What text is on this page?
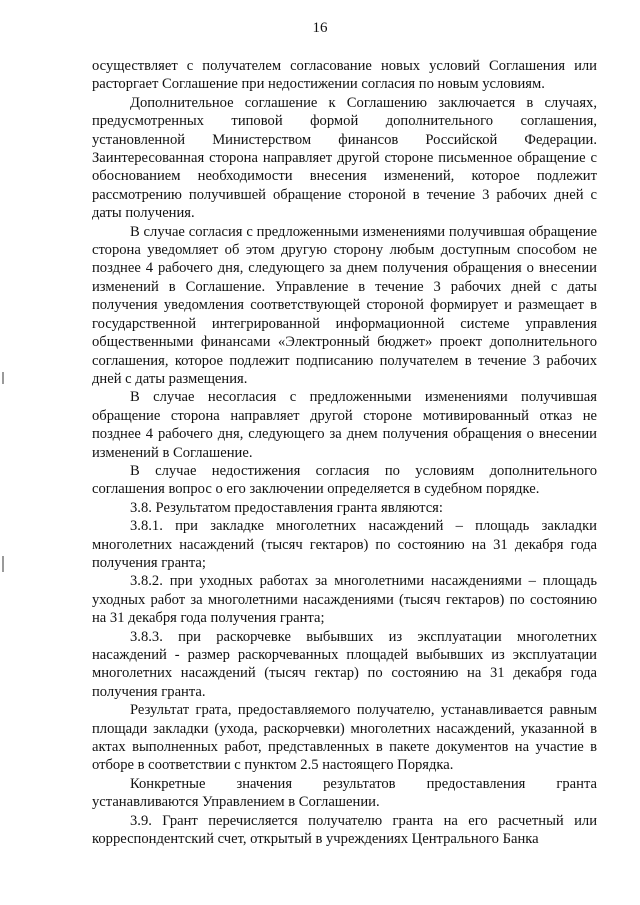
16

осуществляет с получателем согласование новых условий Соглашения или расторгает Соглашение при недостижении согласия по новым условиям.

Дополнительное соглашение к Соглашению заключается в случаях, предусмотренных типовой формой дополнительного соглашения, установленной Министерством финансов Российской Федерации. Заинтересованная сторона направляет другой стороне письменное обращение с обоснованием необходимости внесения изменений, которое подлежит рассмотрению получившей обращение стороной в течение 3 рабочих дней с даты получения.

В случае согласия с предложенными изменениями получившая обращение сторона уведомляет об этом другую сторону любым доступным способом не позднее 4 рабочего дня, следующего за днем получения обращения о внесении изменений в Соглашение. Управление в течение 3 рабочих дней с даты получения уведомления соответствующей стороной формирует и размещает в государственной интегрированной информационной системе управления общественными финансами «Электронный бюджет» проект дополнительного соглашения, которое подлежит подписанию получателем в течение 3 рабочих дней с даты размещения.

В случае несогласия с предложенными изменениями получившая обращение сторона направляет другой стороне мотивированный отказ не позднее 4 рабочего дня, следующего за днем получения обращения о внесении изменений в Соглашение.

В случае недостижения согласия по условиям дополнительного соглашения вопрос о его заключении определяется в судебном порядке.

3.8. Результатом предоставления гранта являются:

3.8.1. при закладке многолетних насаждений – площадь закладки многолетних насаждений (тысяч гектаров) по состоянию на 31 декабря года получения гранта;

3.8.2. при уходных работах за многолетними насаждениями – площадь уходных работ за многолетними насаждениями (тысяч гектаров) по состоянию на 31 декабря года получения гранта;

3.8.3. при раскорчевке выбывших из эксплуатации многолетних насаждений - размер раскорчеванных площадей выбывших из эксплуатации многолетних насаждений (тысяч гектар) по состоянию на 31 декабря года получения гранта.

Результат грата, предоставляемого получателю, устанавливается равным площади закладки (ухода, раскорчевки) многолетних насаждений, указанной в актах выполненных работ, представленных в пакете документов на участие в отборе в соответствии с пунктом 2.5 настоящего Порядка.

Конкретные значения результатов предоставления гранта устанавливаются Управлением в Соглашении.

3.9. Грант перечисляется получателю гранта на его расчетный или корреспондентский счет, открытый в учреждениях Центрального Банка
